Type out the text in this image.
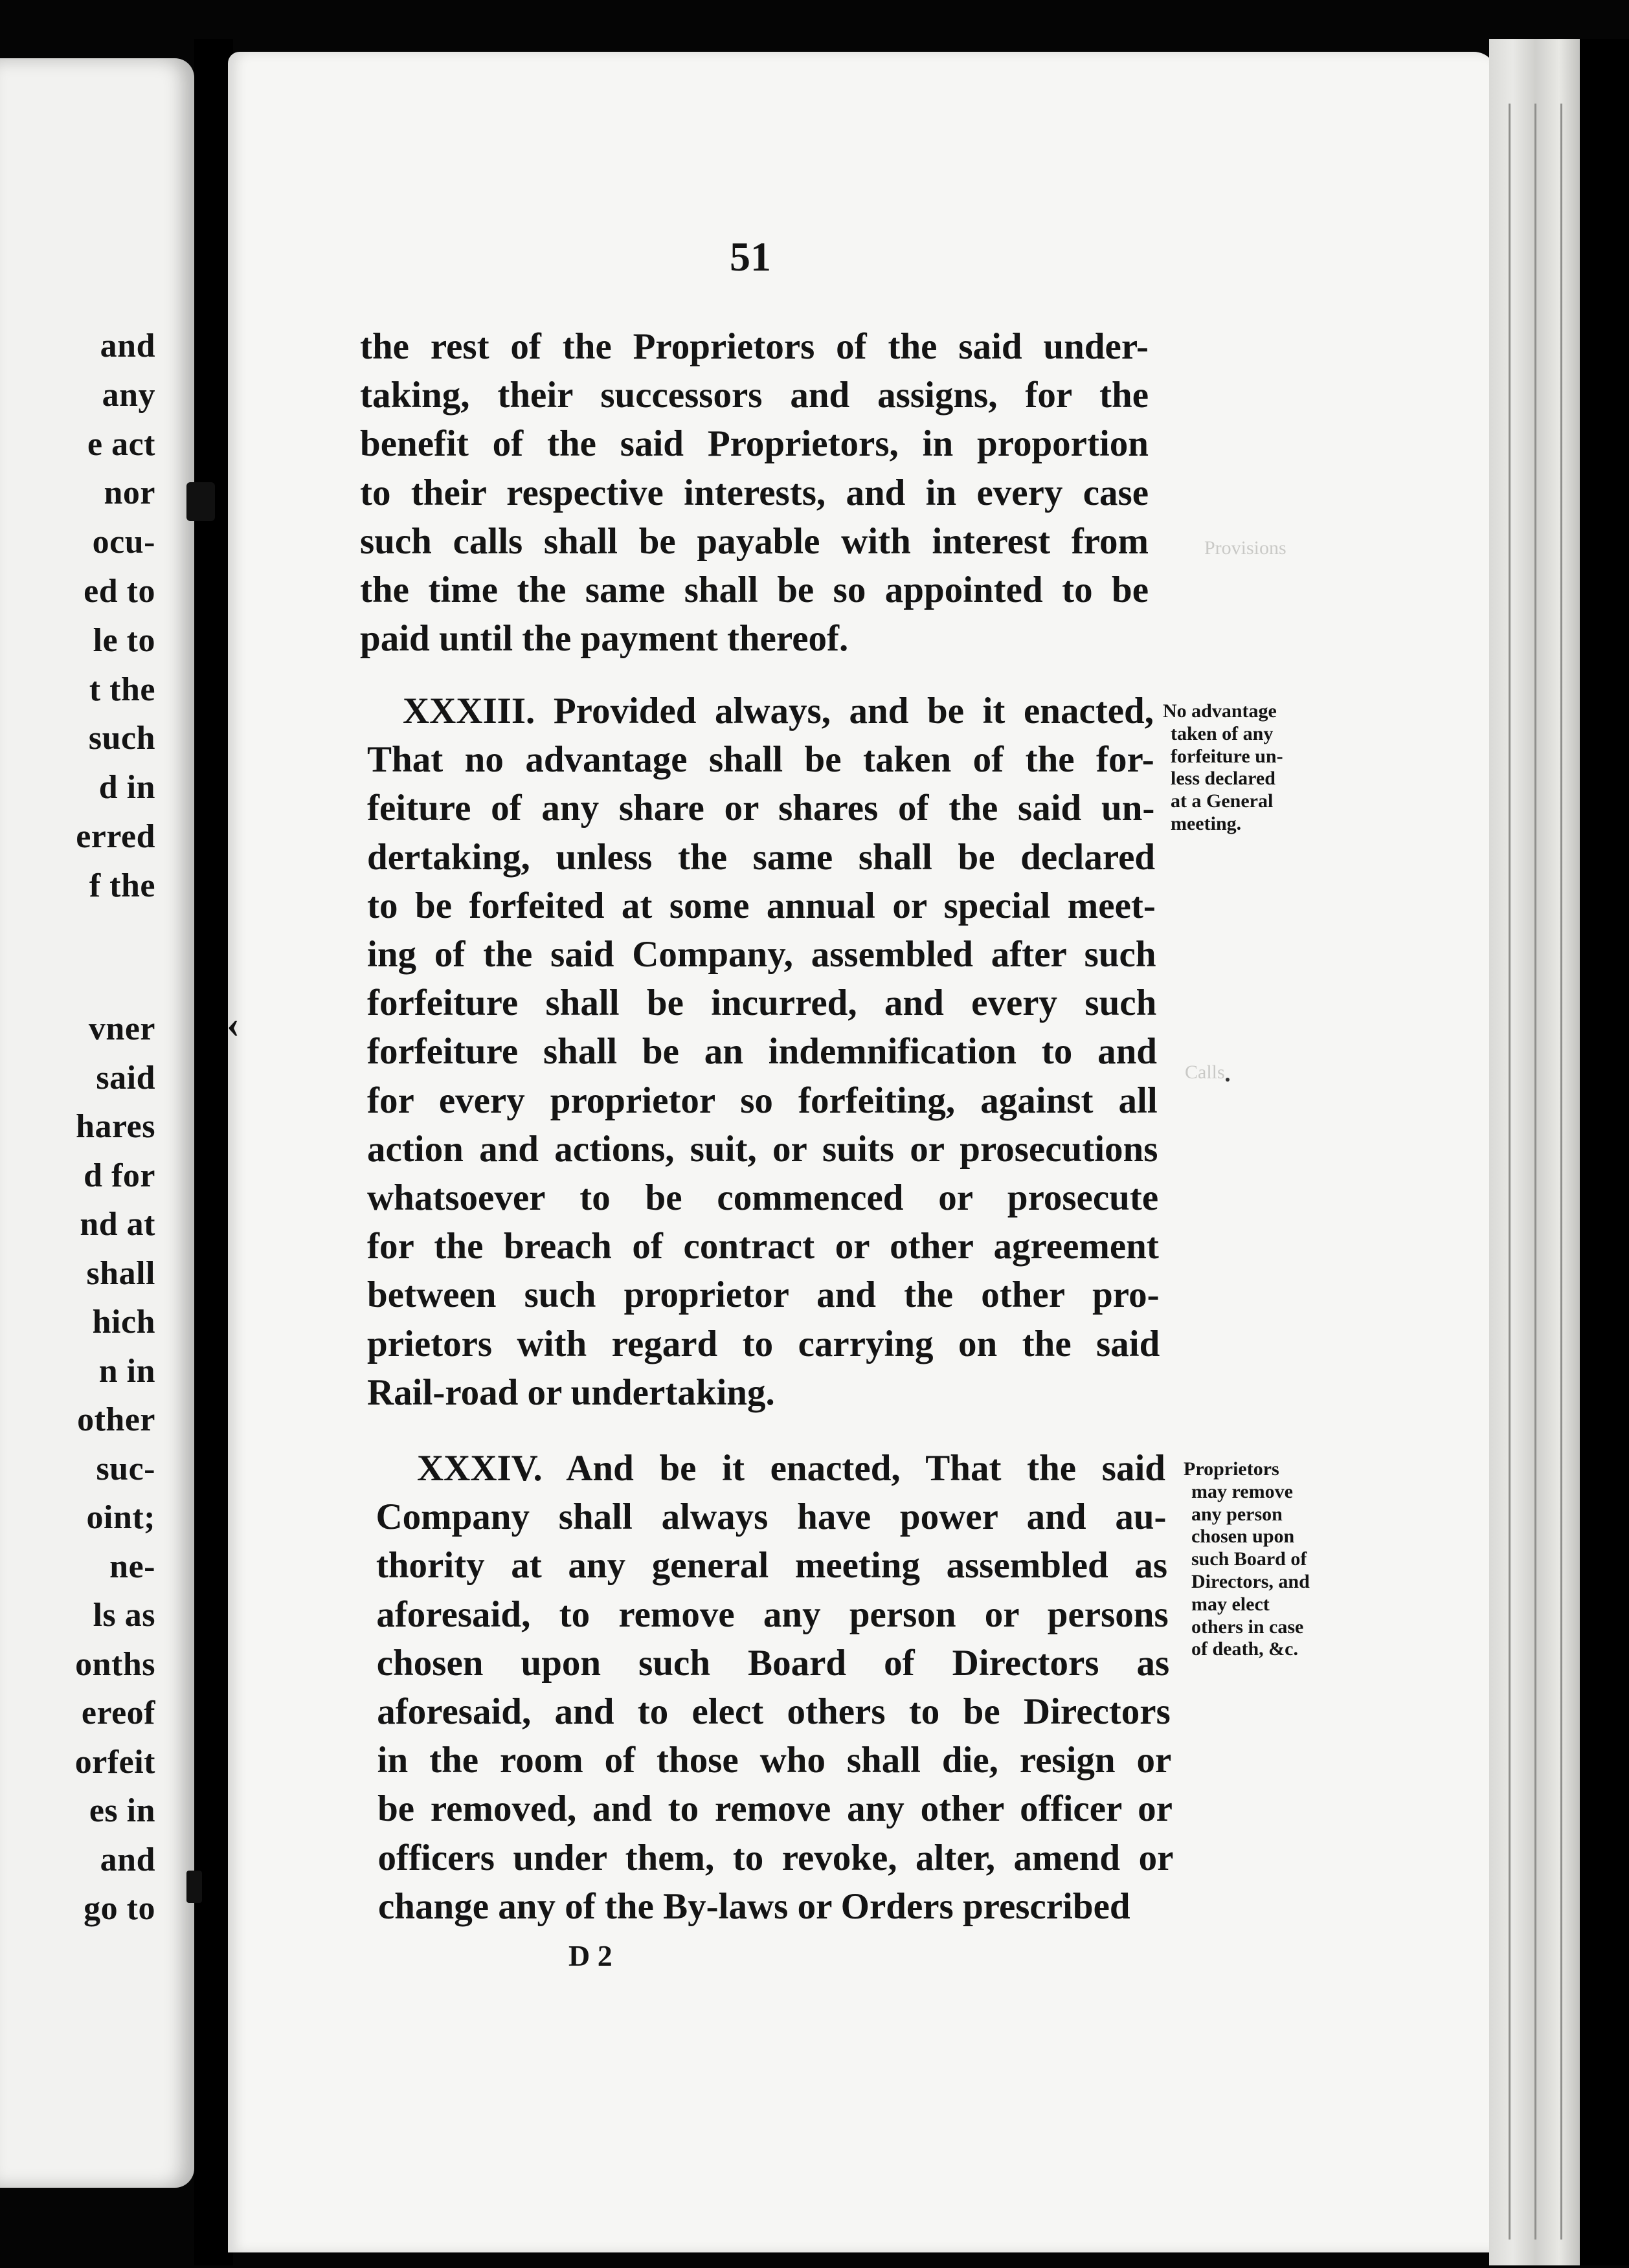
and
any
e act
nor
ocu-
ed to
le to
t the
such
d in
erred
f the
vner
said
hares
d for
nd at
shall
hich
n in
other
suc-
oint;
ne-
ls as
onths
ereof
orfeit
es in
and
go to
51
Provisions
Calls
‹
the rest of the Proprietors of the said under-
taking, their successors and assigns, for the
benefit of the said Proprietors, in proportion
to their respective interests, and in every case
such calls shall be payable with interest from
the time the same shall be so appointed to be
paid until the payment thereof.
XXXIII. Provided always, and be it enacted,
That no advantage shall be taken of the for-
feiture of any share or shares of the said un-
dertaking, unless the same shall be declared
to be forfeited at some annual or special meet-
ing of the said Company, assembled after such
forfeiture shall be incurred, and every such
forfeiture shall be an indemnification to and
for every proprietor so forfeiting, against all
action and actions, suit, or suits or prosecutions
whatsoever to be commenced or prosecute
for the breach of contract or other agreement
between such proprietor and the other pro-
prietors with regard to carrying on the said
Rail-road or undertaking.
XXXIV. And be it enacted, That the said
Company shall always have power and au-
thority at any general meeting assembled as
aforesaid, to remove any person or persons
chosen upon such Board of Directors as
aforesaid, and to elect others to be Directors
in the room of those who shall die, resign or
be removed, and to remove any other officer or
officers under them, to revoke, alter, amend or
change any of the By-laws or Orders prescribed
No advantage
taken of any
forfeiture un-
less declared
at a General
meeting.
Proprietors
may remove
any person
chosen upon
such Board of
Directors, and
may elect
others in case
of death, &c.
D 2
